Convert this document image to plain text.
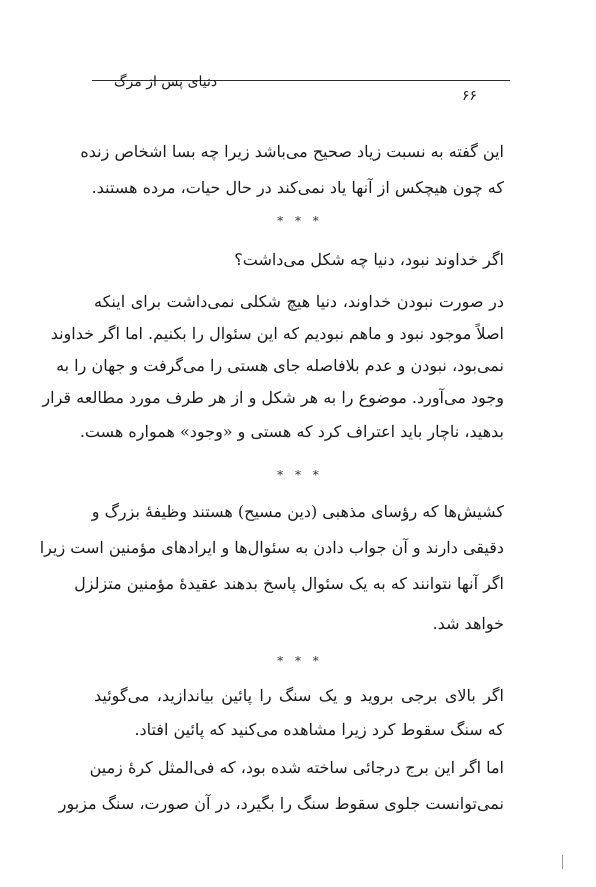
دنیای پس از مرگ
۶۶
این گفته به نسبت زیاد صحیح می‌باشد زیرا چه بسا اشخاص زنده
که چون هیچکس از آنها یاد نمی‌کند در حال حیات، مرده هستند.
* * *
اگر خداوند نبود، دنیا چه شکل می‌داشت؟
در صورت نبودن خداوند، دنیا هیچ شکلی نمی‌داشت برای اینکه
اصلاً موجود نبود و ماهم نبودیم که این سئوال را بکنیم. اما اگر خداوند
نمی‌بود، نبودن و عدم بلافاصله جای هستی را می‌گرفت و جهان را به
وجود می‌آورد. موضوع را به هر شکل و از هر طرف مورد مطالعه قرار
بدهید، ناچار باید اعتراف کرد که هستی و «وجود» همواره هست.
* * *
کشیش‌ها که رؤسای مذهبی (دین مسیح) هستند وظیفهٔ بزرگ و
دقیقی دارند و آن جواب دادن به سئوال‌ها و ایرادهای مؤمنین است زیرا
اگر آنها نتوانند که به یک سئوال پاسخ بدهند عقیدهٔ مؤمنین متزلزل
خواهد شد.
* * *
اگر بالای برجی بروید و یک سنگ را پائین بیاندازید، می‌گوئید
که سنگ سقوط کرد زیرا مشاهده می‌کنید که پائین افتاد.
اما اگر این برج درجائی ساخته شده بود، که فی‌المثل کرهٔ زمین
نمی‌توانست جلوی سقوط سنگ را بگیرد، در آن صورت، سنگ مزبور
